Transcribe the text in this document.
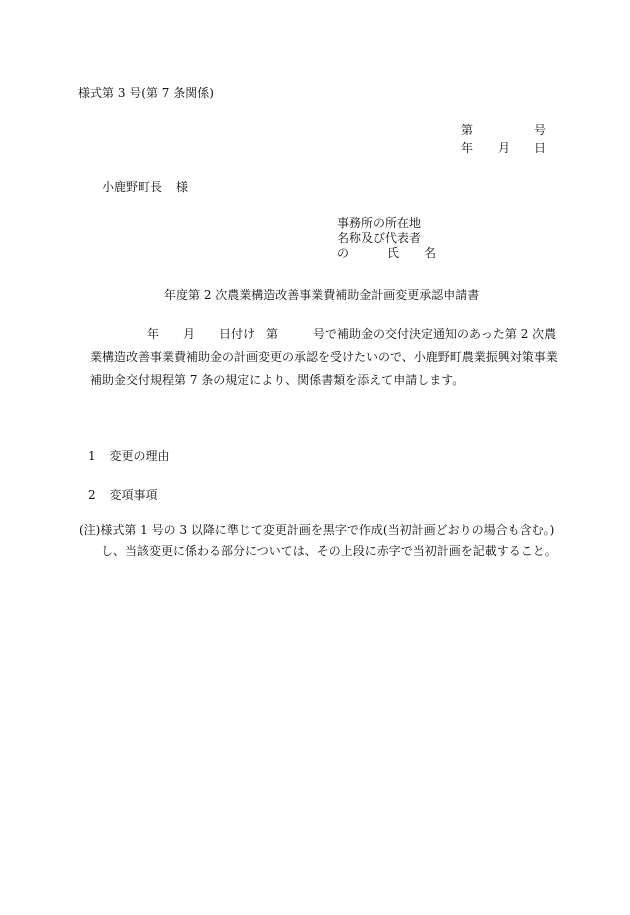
様式第 3 号(第 7 条関係)
第	号
年 月 日
小鹿野町長 様
事務所の所在地
名称及び代表者
の	氏 名
年度第 2 次農業構造改善事業費補助金計画変更承認申請書
年 月 日付け 第	号で補助金の交付決定通知のあった第 2 次農
業構造改善事業費補助金の計画変更の承認を受けたいので、小鹿野町農業振興対策事業
補助金交付規程第 7 条の規定により、関係書類を添えて申請します。
1 変更の理由
2 変項事項
(注)様式第 1 号の 3 以降に準じて変更計画を黒字で作成(当初計画どおりの場合も含む。)
し、当該変更に係わる部分については、その上段に赤字で当初計画を記載すること。
